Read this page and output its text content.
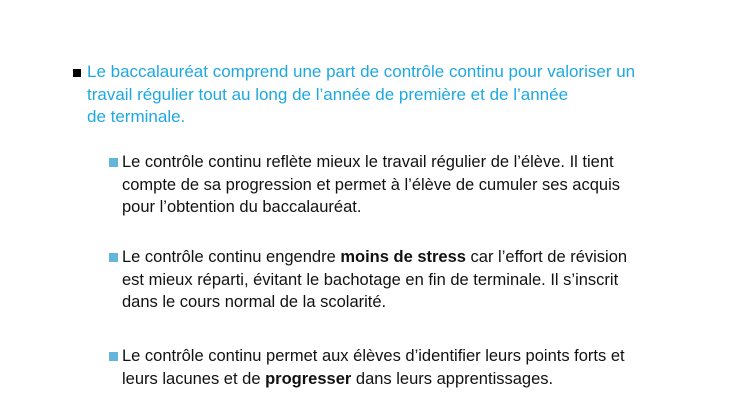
Le baccalauréat comprend une part de contrôle continu pour valoriser un
travail régulier tout au long de l’année de première et de l’année
de terminale.
Le contrôle continu reflète mieux le travail régulier de l’élève. Il tient
compte de sa progression et permet à l’élève de cumuler ses acquis
pour l’obtention du baccalauréat.
Le contrôle continu engendre moins de stress car l’effort de révision
est mieux réparti, évitant le bachotage en fin de terminale. Il s’inscrit
dans le cours normal de la scolarité.
Le contrôle continu permet aux élèves d’identifier leurs points forts et
leurs lacunes et de progresser dans leurs apprentissages.
